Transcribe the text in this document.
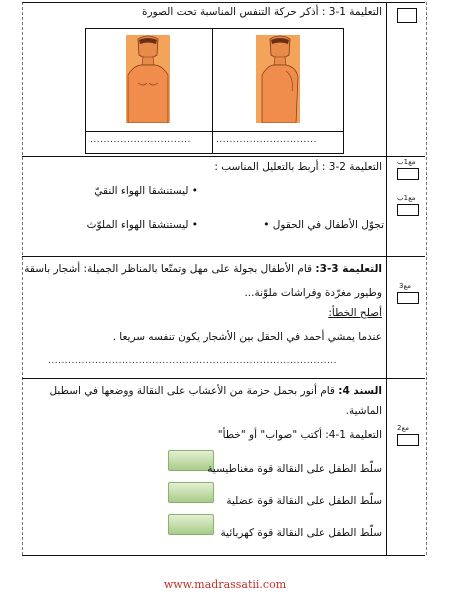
التعليمة 1-3 : أذكر حركة التنفس المناسبة تحت الصورة
..............................	..............................
مع1ب
مع1ب
التعليمة 2-3 : أربط بالتعليل المناسب :
• ليستنشقا الهواء النقيّ
• ليستنشقا الهواء الملوّث	تجوّل الأطفال في الحقول •
التعليمة 3-3: قام الأطفال بجولة على مهل وتمتّعا بالمناظر الجميلة: أشجار باسقة
وطيور مغرّدة وفراشات ملوّنة...
أصلح الخطأ:
عندما يمشي أحمد في الحقل بين الأشجار يكون تنفسه سريعا .
......................................................................................
3مع
السند 4: قام أنور بحمل حزمة من الأعشاب على النقالة ووضعها في اسطبل
الماشية.
التعليمة 1-4: أكتب "صواب" أو "خطأ"
2مع
سلّط الطفل على النقالة قوة مغناطيسية
سلّط الطفل على النقالة قوة عضلية
سلّط الطفل على النقالة قوة كهربائية
www.madrassatii.com
